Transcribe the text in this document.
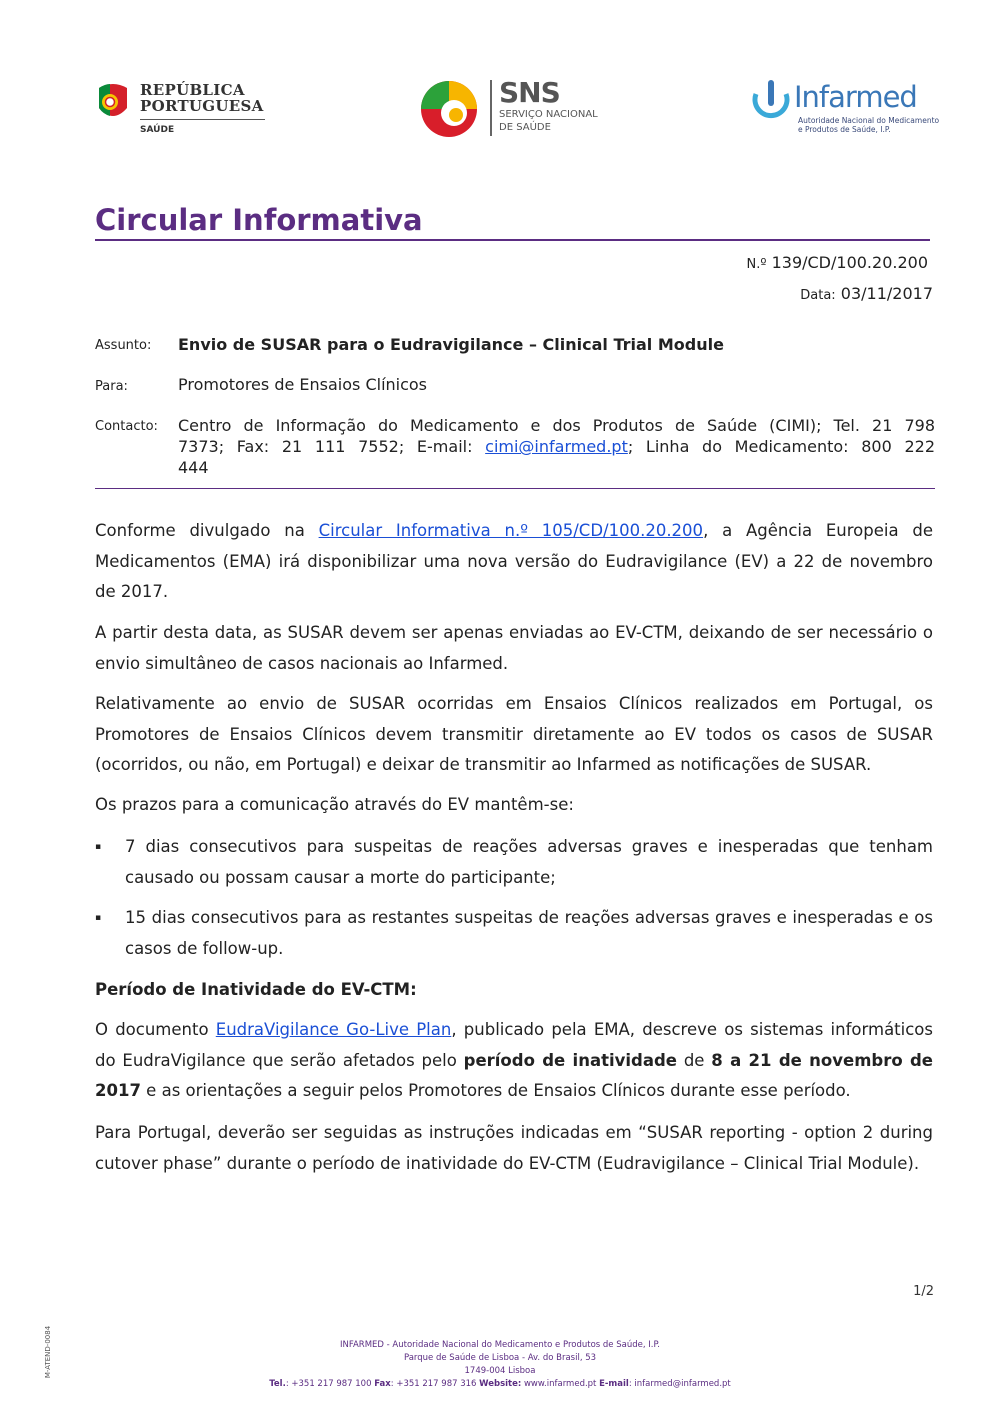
REPÚBLICA
PORTUGUESA
SAÚDE
SNS
SERVIÇO NACIONAL
DE SAÚDE
Infarmed
Autoridade Nacional do Medicamento
e Produtos de Saúde, I.P.
Circular Informativa
N.º 139/CD/100.20.200
Data: 03/11/2017
Assunto: Envio de SUSAR para o Eudravigilance – Clinical Trial Module
Para:	Promotores de Ensaios Clínicos
Contacto: Centro de Informação do Medicamento e dos Produtos de Saúde (CIMI); Tel. 21 798
7373; Fax: 21 111 7552; E-mail: cimi@infarmed.pt; Linha do Medicamento: 800 222
444

Conforme divulgado na Circular Informativa n.º 105/CD/100.20.200, a Agência Europeia de Medicamentos (EMA) irá disponibilizar uma nova versão do Eudravigilance (EV) a 22 de novembro de 2017.

A partir desta data, as SUSAR devem ser apenas enviadas ao EV-CTM, deixando de ser necessário o envio simultâneo de casos nacionais ao Infarmed.

Relativamente ao envio de SUSAR ocorridas em Ensaios Clínicos realizados em Portugal, os Promotores de Ensaios Clínicos devem transmitir diretamente ao EV todos os casos de SUSAR (ocorridos, ou não, em Portugal) e deixar de transmitir ao Infarmed as notificações de SUSAR.

Os prazos para a comunicação através do EV mantêm-se:

▪ 7 dias consecutivos para suspeitas de reações adversas graves e inesperadas que tenham causado ou possam causar a morte do participante;
▪ 15 dias consecutivos para as restantes suspeitas de reações adversas graves e inesperadas e os casos de follow-up.
Período de Inatividade do EV-CTM:

O documento EudraVigilance Go-Live Plan, publicado pela EMA, descreve os sistemas informáticos do EudraVigilance que serão afetados pelo período de inatividade de 8 a 21 de novembro de 2017 e as orientações a seguir pelos Promotores de Ensaios Clínicos durante esse período.

Para Portugal, deverão ser seguidas as instruções indicadas em “SUSAR reporting - option 2 during cutover phase” durante o período de inatividade do EV-CTM (Eudravigilance – Clinical Trial Module).

1/2
M-ATEND-0084	INFARMED - Autoridade Nacional do Medicamento e Produtos de Saúde, I.P.
Parque de Saúde de Lisboa - Av. do Brasil, 53
1749-004 Lisboa
Tel.: +351 217 987 100 Fax: +351 217 987 316 Website: www.infarmed.pt E-mail: infarmed@infarmed.pt
